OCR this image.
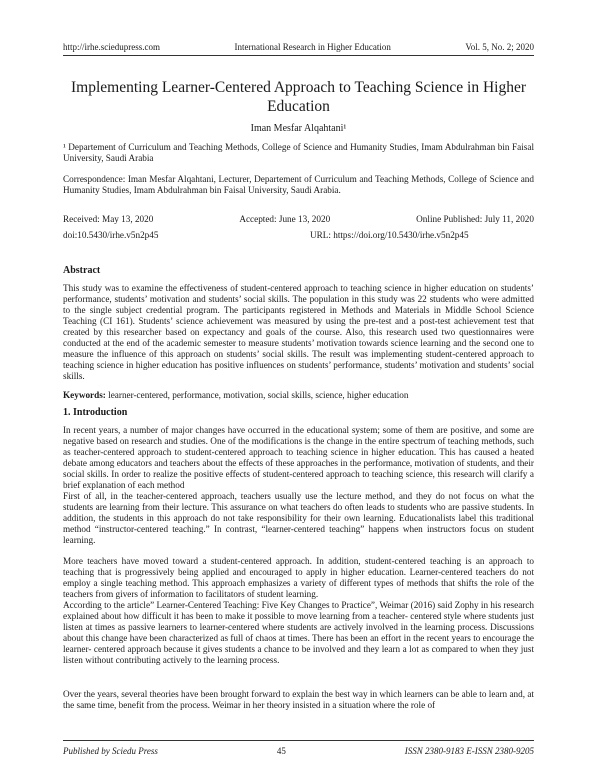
http://irhe.sciedupress.com	International Research in Higher Education	Vol. 5, No. 2; 2020
Implementing Learner-Centered Approach to Teaching Science in Higher Education
Iman Mesfar Alqahtani¹

¹ Departement of Curriculum and Teaching Methods, College of Science and Humanity Studies, Imam Abdulrahman bin Faisal University, Saudi Arabia

Correspondence: Iman Mesfar Alqahtani, Lecturer, Departement of Curriculum and Teaching Methods, College of Science and Humanity Studies, Imam Abdulrahman bin Faisal University, Saudi Arabia.

Received: May 13, 2020	Accepted: June 13, 2020	Online Published: July 11, 2020
doi:10.5430/irhe.v5n2p45	URL: https://doi.org/10.5430/irhe.v5n2p45
Abstract

This study was to examine the effectiveness of student-centered approach to teaching science in higher education on students’ performance, students’ motivation and students’ social skills. The population in this study was 22 students who were admitted to the single subject credential program. The participants registered in Methods and Materials in Middle School Science Teaching (CI 161). Students’ science achievement was measured by using the pre-test and a post-test achievement test that created by this researcher based on expectancy and goals of the course. Also, this research used two questionnaires were conducted at the end of the academic semester to measure students’ motivation towards science learning and the second one to measure the influence of this approach on students’ social skills. The result was implementing student-centered approach to teaching science in higher education has positive influences on students’ performance, students’ motivation and students’ social skills.

Keywords: learner-centered, performance, motivation, social skills, science, higher education

1. Introduction

In recent years, a number of major changes have occurred in the educational system; some of them are positive, and some are negative based on research and studies. One of the modifications is the change in the entire spectrum of teaching methods, such as teacher-centered approach to student-centered approach to teaching science in higher education. This has caused a heated debate among educators and teachers about the effects of these approaches in the performance, motivation of students, and their social skills. In order to realize the positive effects of student-centered approach to teaching science, this research will clarify a brief explanation of each method

First of all, in the teacher-centered approach, teachers usually use the lecture method, and they do not focus on what the students are learning from their lecture. This assurance on what teachers do often leads to students who are passive students. In addition, the students in this approach do not take responsibility for their own learning. Educationalists label this traditional method “instructor-centered teaching.” In contrast, “learner-centered teaching” happens when instructors focus on student learning.

More teachers have moved toward a student-centered approach. In addition, student-centered teaching is an approach to teaching that is progressively being applied and encouraged to apply in higher education. Learner-centered teachers do not employ a single teaching method. This approach emphasizes a variety of different types of methods that shifts the role of the teachers from givers of information to facilitators of student learning.

According to the article” Learner-Centered Teaching: Five Key Changes to Practice”, Weimar (2016) said Zophy in his research explained about how difficult it has been to make it possible to move learning from a teacher- centered style where students just listen at times as passive learners to learner-centered where students are actively involved in the learning process. Discussions about this change have been characterized as full of chaos at times. There has been an effort in the recent years to encourage the learner- centered approach because it gives students a chance to be involved and they learn a lot as compared to when they just listen without contributing actively to the learning process.

Over the years, several theories have been brought forward to explain the best way in which learners can be able to learn and, at the same time, benefit from the process. Weimar in her theory insisted in a situation where the role of

Published by Sciedu Press	45	ISSN 2380-9183 E-ISSN 2380-9205
